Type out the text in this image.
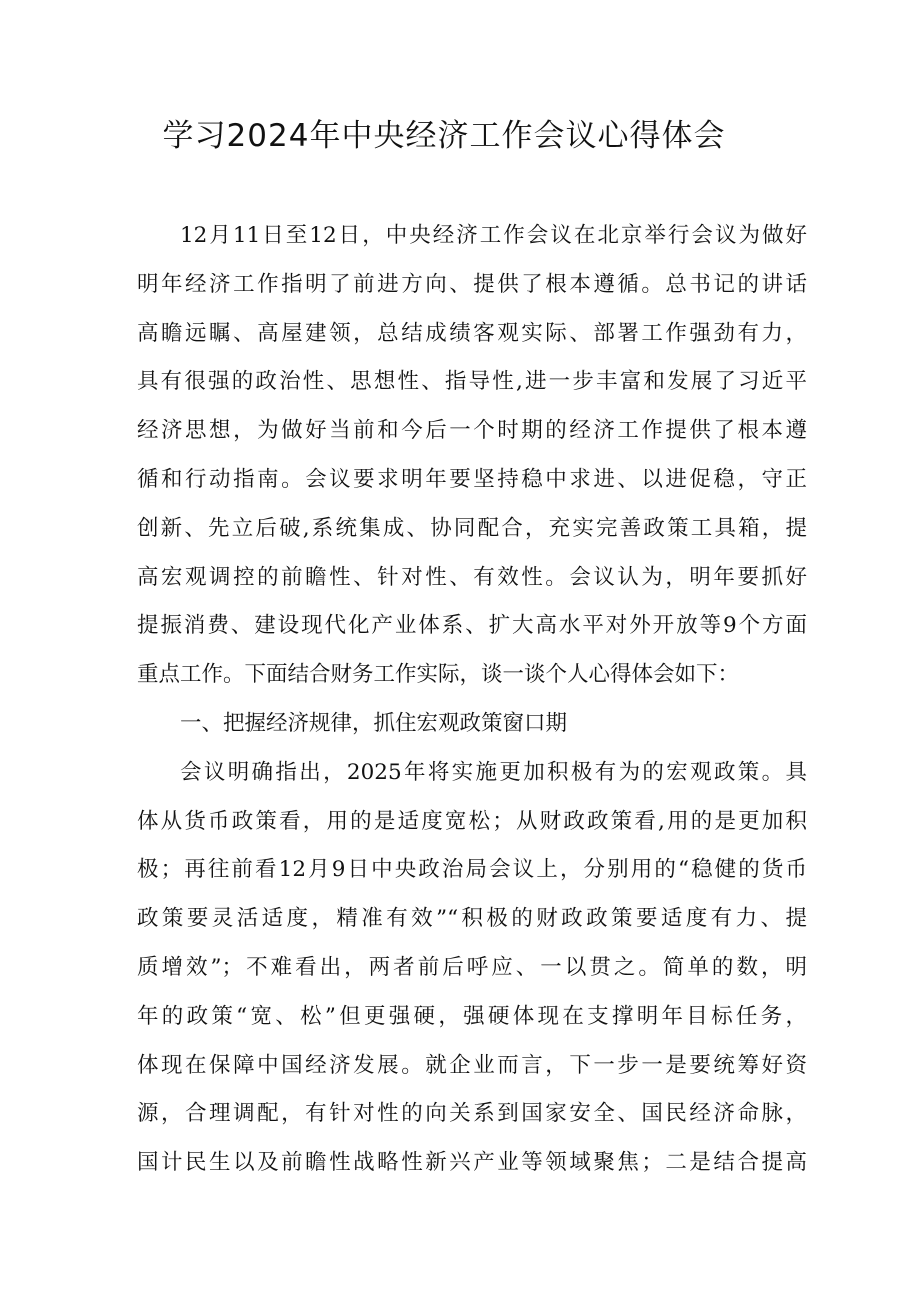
学习2024年中央经济工作会议心得体会

12月11日至12日，中央经济工作会议在北京举行会议为做好

明年经济工作指明了前进方向、提供了根本遵循。总书记的讲话

高瞻远瞩、高屋建领，总结成绩客观实际、部署工作强劲有力，

具有很强的政治性、思想性、指导性,进一步丰富和发展了习近平

经济思想，为做好当前和今后一个时期的经济工作提供了根本遵

循和行动指南。会议要求明年要坚持稳中求进、以进促稳，守正

创新、先立后破,系统集成、协同配合，充实完善政策工具箱，提

高宏观调控的前瞻性、针对性、有效性。会议认为，明年要抓好

提振消费、建设现代化产业体系、扩大高水平对外开放等9个方面

重点工作。下面结合财务工作实际，谈一谈个人心得体会如下：

一、把握经济规律，抓住宏观政策窗口期

会议明确指出，2025年将实施更加积极有为的宏观政策。具

体从货币政策看，用的是适度宽松；从财政政策看,用的是更加积

极；再往前看12月9日中央政治局会议上，分别用的“稳健的货币

政策要灵活适度，精准有效”“积极的财政政策要适度有力、提

质增效”；不难看出，两者前后呼应、一以贯之。简单的数，明

年的政策“宽、松”但更强硬，强硬体现在支撑明年目标任务，

体现在保障中国经济发展。就企业而言，下一步一是要统筹好资

源，合理调配，有针对性的向关系到国家安全、国民经济命脉，

国计民生以及前瞻性战略性新兴产业等领域聚焦；二是结合提高
